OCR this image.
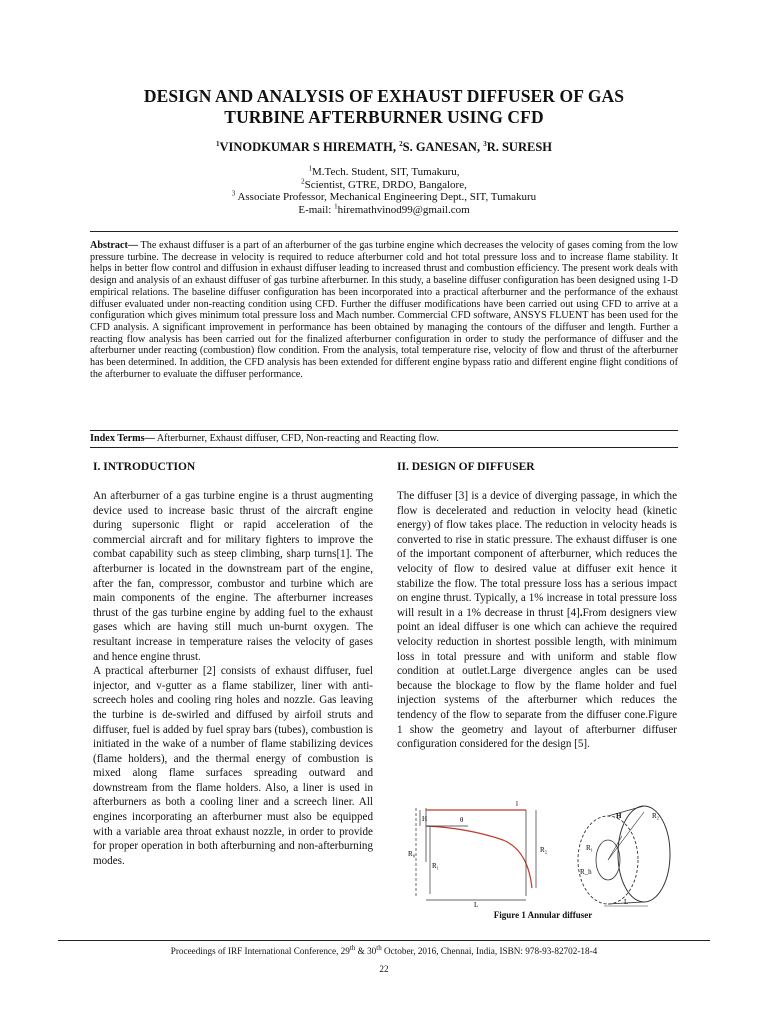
DESIGN AND ANALYSIS OF EXHAUST DIFFUSER OF GAS
TURBINE AFTERBURNER USING CFD
$^1$VINODKUMAR S HIREMATH, $^2$S. GANESAN, $^3$R. SURESH
$^1$M.Tech. Student, SIT, Tumakuru,
$^2$Scientist, GTRE, DRDO, Bangalore,
$^3$ Associate Professor, Mechanical Engineering Dept., SIT, Tumakuru
E-mail: $^1$hiremathvinod99@gmail.com
Abstract— The exhaust diffuser is a part of an afterburner of the gas turbine engine which decreases the velocity of gases coming from the low pressure turbine. The decrease in velocity is required to reduce afterburner cold and hot total pressure loss and to increase flame stability. It helps in better flow control and diffusion in exhaust diffuser leading to increased thrust and combustion efficiency. The present work deals with design and analysis of an exhaust diffuser of gas turbine afterburner. In this study, a baseline diffuser configuration has been designed using 1-D empirical relations. The baseline diffuser configuration has been incorporated into a practical afterburner and the performance of the exhaust diffuser evaluated under non-reacting condition using CFD. Further the diffuser modifications have been carried out using CFD to arrive at a configuration which gives minimum total pressure loss and Mach number. Commercial CFD software, ANSYS FLUENT has been used for the CFD analysis. A significant improvement in performance has been obtained by managing the contours of the diffuser and length. Further a reacting flow analysis has been carried out for the finalized afterburner configuration in order to study the performance of diffuser and the afterburner under reacting (combustion) flow condition. From the analysis, total temperature rise, velocity of flow and thrust of the afterburner has been determined. In addition, the CFD analysis has been extended for different engine bypass ratio and different engine flight conditions of the afterburner to evaluate the diffuser performance.
Index Terms— Afterburner, Exhaust diffuser, CFD, Non-reacting and Reacting flow.
I. INTRODUCTION	II. DESIGN OF DIFFUSER

An afterburner of a gas turbine engine is a thrust augmenting device used to increase basic thrust of the aircraft engine during supersonic flight or rapid acceleration of the commercial aircraft and for military fighters to improve the combat capability such as steep climbing, sharp turns[1]. The afterburner is located in the downstream part of the engine, after the fan, compressor, combustor and turbine which are main components of the engine. The afterburner increases thrust of the gas turbine engine by adding fuel to the exhaust gases which are having still much un-burnt oxygen. The resultant increase in temperature raises the velocity of gases and hence engine thrust.

A practical afterburner [2] consists of exhaust diffuser, fuel injector, and v-gutter as a flame stabilizer, liner with anti-screech holes and cooling ring holes and nozzle. Gas leaving the turbine is de-swirled and diffused by airfoil struts and diffuser, fuel is added by fuel spray bars (tubes), combustion is initiated in the wake of a number of flame stabilizing devices (flame holders), and the thermal energy of combustion is mixed along flame surfaces spreading outward and downstream from the flame holders. Also, a liner is used in afterburners as both a cooling liner and a screech liner. All engines incorporating an afterburner must also be equipped with a variable area throat exhaust nozzle, in order to provide for proper operation in both afterburning and non-afterburning modes.

The diffuser [3] is a device of diverging passage, in which the flow is decelerated and reduction in velocity head (kinetic energy) of flow takes place. The reduction in velocity heads is converted to rise in static pressure. The exhaust diffuser is one of the important component of afterburner, which reduces the velocity of flow to desired value at diffuser exit hence it stabilize the flow. The total pressure loss has a serious impact on engine thrust. Typically, a 1% increase in total pressure loss will result in a 1% decrease in thrust [4].From designers view point an ideal diffuser is one which can achieve the required velocity reduction in shortest possible length, with minimum loss in total pressure and with uniform and stable flow condition at outlet.Large divergence angles can be used because the blockage to flow by the flame holder and fuel injection systems of the afterburner which reduces the tendency of the flow to separate from the diffuser cone.Figure 1 show the geometry and layout of afterburner diffuser configuration considered for the design [5].

H	θ
l
R₀
R₁
R₂
L
H	R₂
R₁
R_h
L
Figure 1 Annular diffuser
Proceedings of IRF International Conference, 29th & 30th October, 2016, Chennai, India, ISBN: 978-93-82702-18-4
22
